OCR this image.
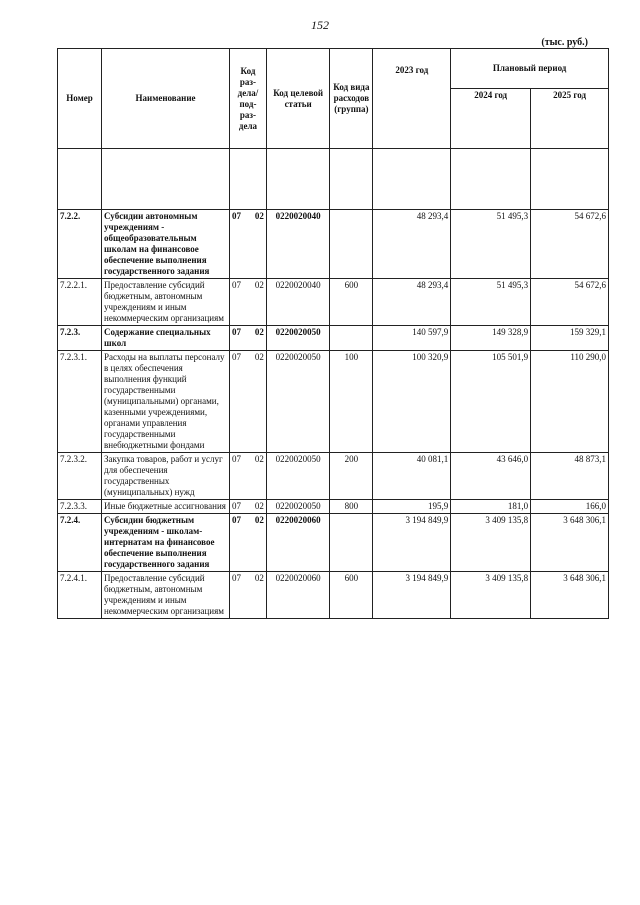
152
(тыс. руб.)
Номер	Наименование	Код раз-дела/ под-раз-дела	Код целевой статьи	Код вида расходов (группа)	2023 год	Плановый период	
						2024 год	2025 год

7.2.2.	Субсидии автономным учреждениям - общеобразовательным школам на финансовое обеспечение выполнения государственного задания	07 02	0220020040		48 293,4	51 495,3	54 672,6
7.2.2.1.	Предоставление субсидий бюджетным, автономным учреждениям и иным некоммерческим организациям	07 02	0220020040	600	48 293,4	51 495,3	54 672,6
7.2.3.	Содержание специальных школ	07 02	0220020050		140 597,9	149 328,9	159 329,1
7.2.3.1.	Расходы на выплаты персоналу в целях обеспечения выполнения функций государственными (муниципальными) органами, казенными учреждениями, органами управления государственными внебюджетными фондами	07 02	0220020050	100	100 320,9	105 501,9	110 290,0
7.2.3.2.	Закупка товаров, работ и услуг для обеспечения государственных (муниципальных) нужд	07 02	0220020050	200	40 081,1	43 646,0	48 873,1
7.2.3.3.	Иные бюджетные ассигнования	07 02	0220020050	800	195,9	181,0	166,0
7.2.4.	Субсидии бюджетным учреждениям - школам-интернатам на финансовое обеспечение выполнения государственного задания	07 02	0220020060		3 194 849,9	3 409 135,8	3 648 306,1
7.2.4.1.	Предоставление субсидий бюджетным, автономным учреждениям и иным некоммерческим организациям	07 02	0220020060	600	3 194 849,9	3 409 135,8	3 648 306,1
